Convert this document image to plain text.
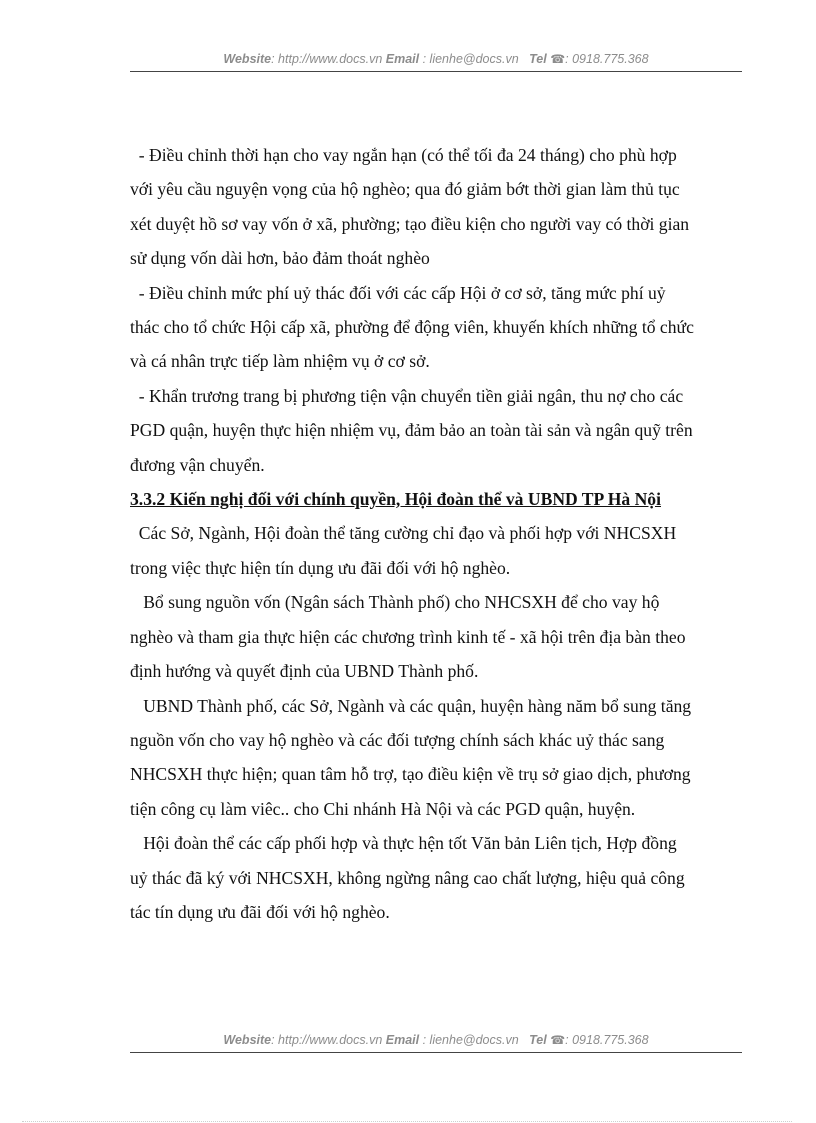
Website: http://www.docs.vn Email : lienhe@docs.vn Tel ☎: 0918.775.368

- Điều chỉnh thời hạn cho vay ngắn hạn (có thể tối đa 24 tháng) cho phù hợp
với yêu cầu nguyện vọng của hộ nghèo; qua đó giảm bớt thời gian làm thủ tục
xét duyệt hồ sơ vay vốn ở xã, phường; tạo điều kiện cho người vay có thời gian
sử dụng vốn dài hơn, bảo đảm thoát nghèo

- Điều chỉnh mức phí uỷ thác đối với các cấp Hội ở cơ sở, tăng mức phí uỷ
thác cho tổ chức Hội cấp xã, phường để động viên, khuyến khích những tổ chức
và cá nhân trực tiếp làm nhiệm vụ ở cơ sở.

- Khẩn trương trang bị phương tiện vận chuyển tiền giải ngân, thu nợ cho các
PGD quận, huyện thực hiện nhiệm vụ, đảm bảo an toàn tài sản và ngân quỹ trên
đương vận chuyển.

3.3.2 Kiến nghị đối với chính quyền, Hội đoàn thể và UBND TP Hà Nội

Các Sở, Ngành, Hội đoàn thể tăng cường chỉ đạo và phối hợp với NHCSXH
trong việc thực hiện tín dụng ưu đãi đối với hộ nghèo.

Bổ sung nguồn vốn (Ngân sách Thành phố) cho NHCSXH để cho vay hộ
nghèo và tham gia thực hiện các chương trình kinh tế - xã hội trên địa bàn theo
định hướng và quyết định của UBND Thành phố.

UBND Thành phố, các Sở, Ngành và các quận, huyện hàng năm bổ sung tăng
nguồn vốn cho vay hộ nghèo và các đối tượng chính sách khác uỷ thác sang
NHCSXH thực hiện; quan tâm hỗ trợ, tạo điều kiện về trụ sở giao dịch, phương
tiện công cụ làm viêc.. cho Chi nhánh Hà Nội và các PGD quận, huyện.

Hội đoàn thể các cấp phối hợp và thực hện tốt Văn bản Liên tịch, Hợp đồng
uỷ thác đã ký với NHCSXH, không ngừng nâng cao chất lượng, hiệu quả công
tác tín dụng ưu đãi đối với hộ nghèo.

Website: http://www.docs.vn Email : lienhe@docs.vn Tel ☎: 0918.775.368
